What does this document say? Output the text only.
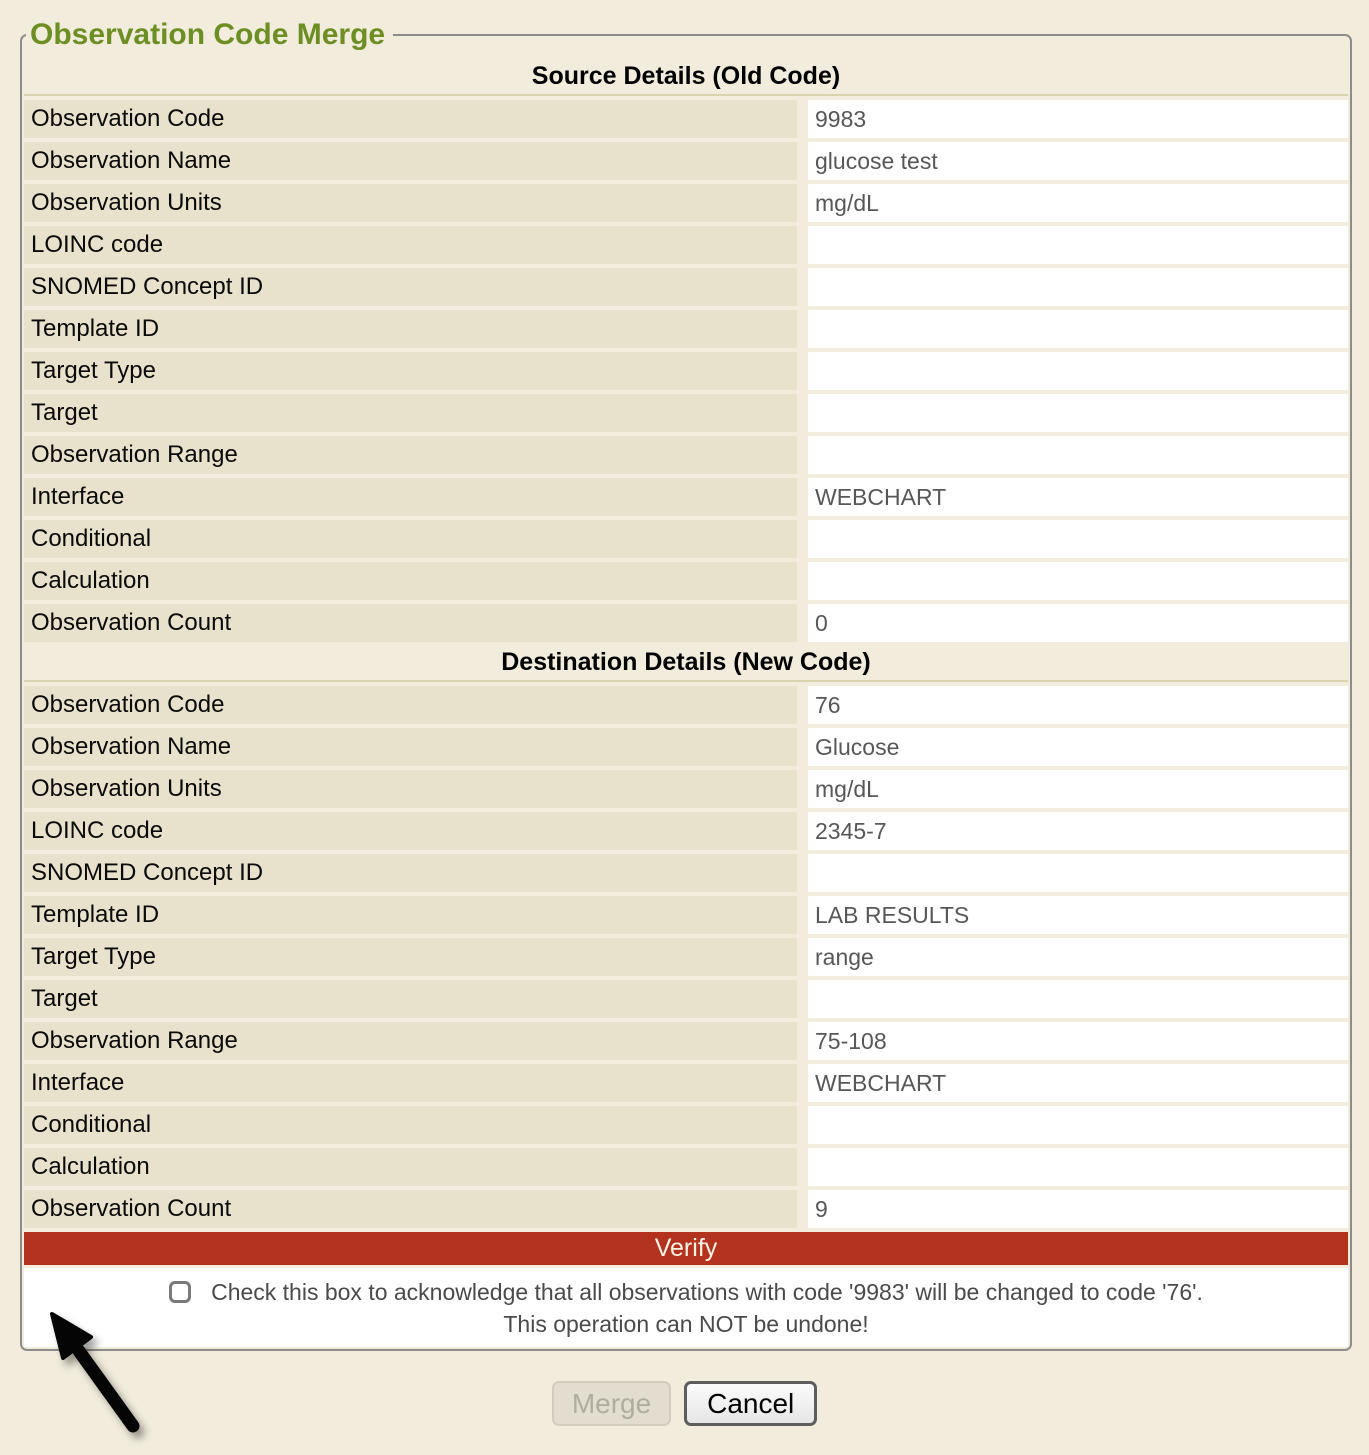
Observation Code Merge
Source Details (Old Code)
Observation Code	9983
Observation Name	glucose test
Observation Units	mg/dL
LOINC code
SNOMED Concept ID
Template ID
Target Type
Target
Observation Range
Interface	WEBCHART
Conditional
Calculation
Observation Count	0
Destination Details (New Code)
Observation Code	76
Observation Name	Glucose
Observation Units	mg/dL
LOINC code	2345-7
SNOMED Concept ID
Template ID	LAB RESULTS
Target Type	range
Target
Observation Range	75-108
Interface	WEBCHART
Conditional
Calculation
Observation Count	9
Verify
Check this box to acknowledge that all observations with code '9983' will be changed to code '76'.
This operation can NOT be undone!
Merge Cancel
